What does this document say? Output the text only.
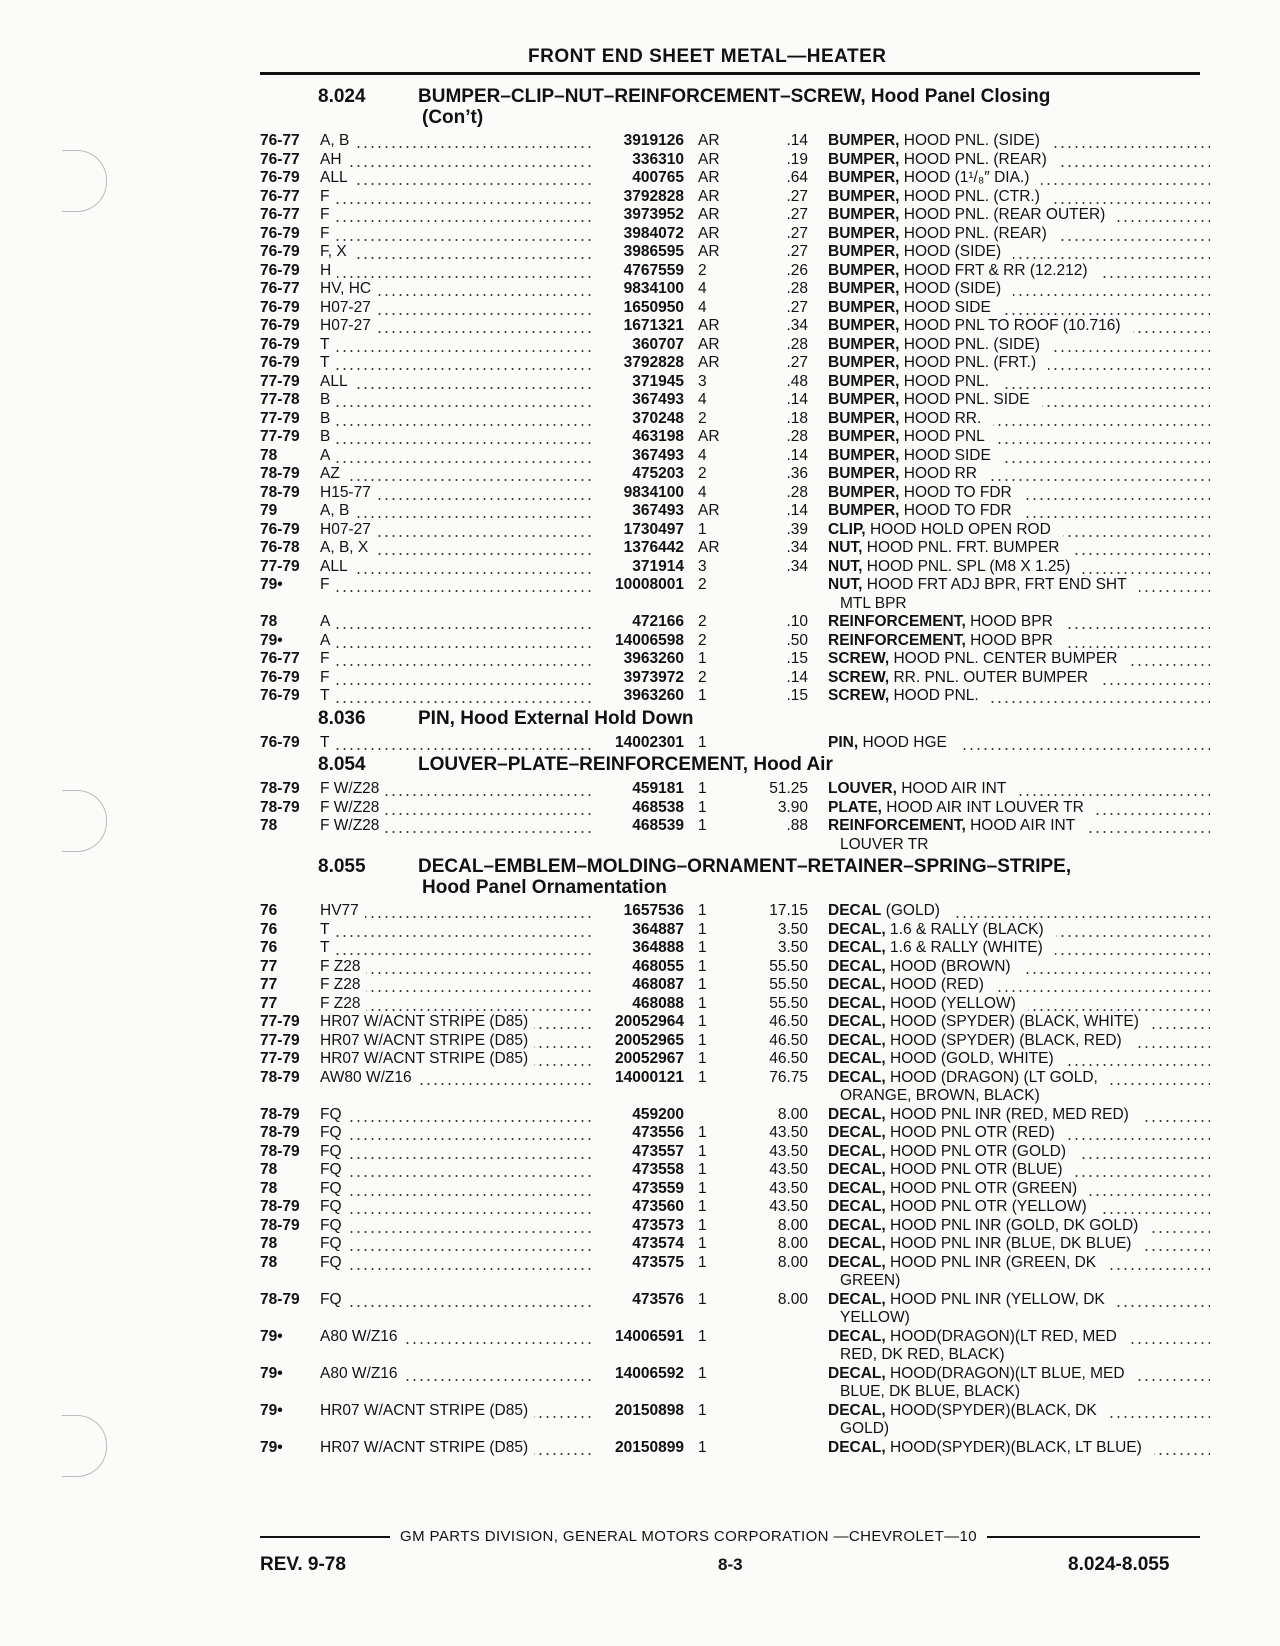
FRONT END SHEET METAL—HEATER
8.024	BUMPER–CLIP–NUT–REINFORCEMENT–SCREW, Hood Panel Closing
(Con’t)
76-77	A, B	3919126 AR	.14	BUMPER, HOOD PNL. (SIDE)
76-77	AH	336310 AR	.19	BUMPER, HOOD PNL. (REAR)
76-79	ALL	400765 AR	.64	BUMPER, HOOD (1¹/₈″ DIA.)
76-77	F	3792828 AR	.27	BUMPER, HOOD PNL. (CTR.)
76-77	F	3973952 AR	.27	BUMPER, HOOD PNL. (REAR OUTER)
76-79	F	3984072 AR	.27	BUMPER, HOOD PNL. (REAR)
76-79	F, X	3986595 AR	.27	BUMPER, HOOD (SIDE)
76-79	H	4767559 2	.26	BUMPER, HOOD FRT & RR (12.212)
76-77	HV, HC	9834100 4	.28	BUMPER, HOOD (SIDE)
76-79	H07-27	1650950 4	.27	BUMPER, HOOD SIDE
76-79	H07-27	1671321 AR	.34	BUMPER, HOOD PNL TO ROOF (10.716)
76-79	T	360707 AR	.28	BUMPER, HOOD PNL. (SIDE)
76-79	T	3792828 AR	.27	BUMPER, HOOD PNL. (FRT.)
77-79	ALL	371945 3	.48	BUMPER, HOOD PNL.
77-78	B	367493 4	.14	BUMPER, HOOD PNL. SIDE
77-79	B	370248 2	.18	BUMPER, HOOD RR.
77-79	B	463198 AR	.28	BUMPER, HOOD PNL
78	A	367493 4	.14	BUMPER, HOOD SIDE
78-79	AZ	475203 2	.36	BUMPER, HOOD RR
78-79	H15-77	9834100 4	.28	BUMPER, HOOD TO FDR
79	A, B	367493 AR	.14	BUMPER, HOOD TO FDR
76-79	H07-27	1730497 1	.39	CLIP, HOOD HOLD OPEN ROD
76-78	A, B, X	1376442 AR	.34	NUT, HOOD PNL. FRT. BUMPER
77-79	ALL	371914 3	.34	NUT, HOOD PNL. SPL (M8 X 1.25)
79•	F	10008001 2	NUT, HOOD FRT ADJ BPR, FRT END SHT
MTL BPR
78	A	472166 2	.10	REINFORCEMENT, HOOD BPR
79•	A	14006598 2	.50	REINFORCEMENT, HOOD BPR
76-77	F	3963260 1	.15	SCREW, HOOD PNL. CENTER BUMPER
76-79	F	3973972 2	.14	SCREW, RR. PNL. OUTER BUMPER
76-79	T	3963260 1	.15	SCREW, HOOD PNL.
8.036	PIN, Hood External Hold Down
76-79	T	14002301 1	PIN, HOOD HGE
8.054	LOUVER–PLATE–REINFORCEMENT, Hood Air
78-79	F W/Z28	459181 1	51.25	LOUVER, HOOD AIR INT
78-79	F W/Z28	468538 1	3.90	PLATE, HOOD AIR INT LOUVER TR
78	F W/Z28	468539 1	.88	REINFORCEMENT, HOOD AIR INT
LOUVER TR
8.055	DECAL–EMBLEM–MOLDING–ORNAMENT–RETAINER–SPRING–STRIPE,
Hood Panel Ornamentation
76	HV77	1657536 1	17.15	DECAL (GOLD)
76	T	364887 1	3.50	DECAL, 1.6 & RALLY (BLACK)
76	T	364888 1	3.50	DECAL, 1.6 & RALLY (WHITE)
77	F Z28	468055 1	55.50	DECAL, HOOD (BROWN)
77	F Z28	468087 1	55.50	DECAL, HOOD (RED)
77	F Z28	468088 1	55.50	DECAL, HOOD (YELLOW)
77-79	HR07 W/ACNT STRIPE (D85)	20052964 1	46.50	DECAL, HOOD (SPYDER) (BLACK, WHITE)
77-79	HR07 W/ACNT STRIPE (D85)	20052965 1	46.50	DECAL, HOOD (SPYDER) (BLACK, RED)
77-79	HR07 W/ACNT STRIPE (D85)	20052967 1	46.50	DECAL, HOOD (GOLD, WHITE)
78-79	AW80 W/Z16	14000121 1	76.75	DECAL, HOOD (DRAGON) (LT GOLD,
ORANGE, BROWN, BLACK)
78-79	FQ	459200	8.00	DECAL, HOOD PNL INR (RED, MED RED)
78-79	FQ	473556 1	43.50	DECAL, HOOD PNL OTR (RED)
78-79	FQ	473557 1	43.50	DECAL, HOOD PNL OTR (GOLD)
78	FQ	473558 1	43.50	DECAL, HOOD PNL OTR (BLUE)
78	FQ	473559 1	43.50	DECAL, HOOD PNL OTR (GREEN)
78-79	FQ	473560 1	43.50	DECAL, HOOD PNL OTR (YELLOW)
78-79	FQ	473573 1	8.00	DECAL, HOOD PNL INR (GOLD, DK GOLD)
78	FQ	473574 1	8.00	DECAL, HOOD PNL INR (BLUE, DK BLUE)
78	FQ	473575 1	8.00	DECAL, HOOD PNL INR (GREEN, DK
GREEN)
78-79	FQ	473576 1	8.00	DECAL, HOOD PNL INR (YELLOW, DK
YELLOW)
79•	A80 W/Z16	14006591 1	DECAL, HOOD(DRAGON)(LT RED, MED
RED, DK RED, BLACK)
79•	A80 W/Z16	14006592 1	DECAL, HOOD(DRAGON)(LT BLUE, MED
BLUE, DK BLUE, BLACK)
79•	HR07 W/ACNT STRIPE (D85)	20150898 1	DECAL, HOOD(SPYDER)(BLACK, DK
GOLD)
79•	HR07 W/ACNT STRIPE (D85)	20150899 1	DECAL, HOOD(SPYDER)(BLACK, LT BLUE)
GM PARTS DIVISION, GENERAL MOTORS CORPORATION —CHEVROLET—10
REV. 9-78	8-3	8.024-8.055
